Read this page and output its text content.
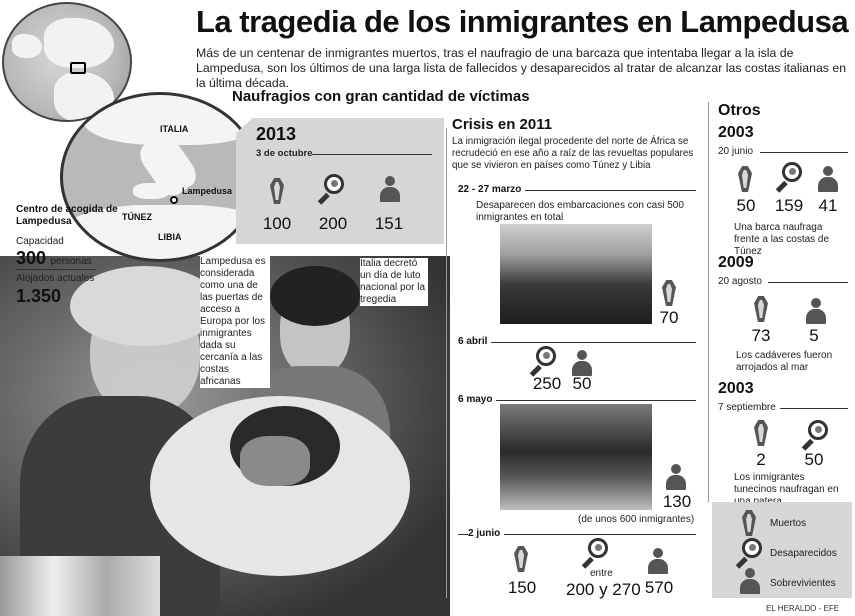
ITALIA
Lampedusa
TÚNEZ
LIBIA
La tragedia de los inmigrantes en Lampedusa
Más de un centenar de inmigrantes muertos, tras el naufragio de una barcaza que intentaba llegar a la isla de Lampedusa, son los últimos de una larga lista de fallecidos y desaparecidos al tratar de alcanzar las costas italianas en la última década.
Naufragios con gran cantidad de víctimas
Centro de acogida de Lampedusa
Capacidad
300 personas
Alojados actuales
1.350
2013
3 de octubre
100 200 151
Lampedusa es considerada como una de las puertas de acceso a Europa por los inmigrantes dada su cercanía a las costas africanas
Italia decretó un día de luto nacional por la tregedia
Crisis en 2011
La inmigración ilegal procedente del norte de África se recrudeció en ese año a raíz de las revueltas populares que se vivieron en países como Túnez y Libia
22 - 27 marzo
Desaparecen dos embarcaciones con casi 500 inmigrantes en total
70
6 abril
250 50
6 mayo
130
(de unos 600 inmigrantes)
2 junio
150
entre
200 y 270 570
Otros
2003
20 junio
50 159 41
Una barca naufraga frente a las costas de Túnez
2009
20 agosto
73	5
Los cadáveres fueron arrojados al mar
2003
7 septiembre
2 50
Los inmigrantes tunecinos naufragan en
Muertos
Desaparecidos
Sobrevivientes
EL HERALDO - EFE
